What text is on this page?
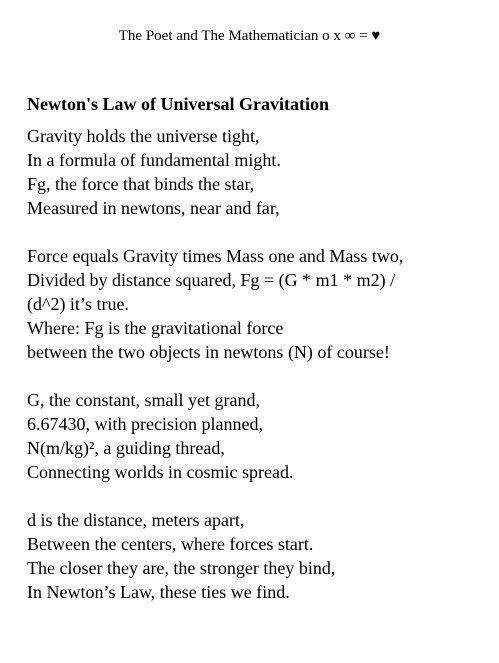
The Poet and The Mathematician o x ∞ = ♥
Newton's Law of Universal Gravitation
Gravity holds the universe tight,
In a formula of fundamental might.
Fg, the force that binds the star,
Measured in newtons, near and far,
Force equals Gravity times Mass one and Mass two,
Divided by distance squared, Fg = (G * m1 * m2) /
(d^2) it’s true.
Where: Fg is the gravitational force
between the two objects in newtons (N) of course!
G, the constant, small yet grand,
6.67430, with precision planned,
N(m/kg)², a guiding thread,
Connecting worlds in cosmic spread.
d is the distance, meters apart,
Between the centers, where forces start.
The closer they are, the stronger they bind,
In Newton’s Law, these ties we find.
